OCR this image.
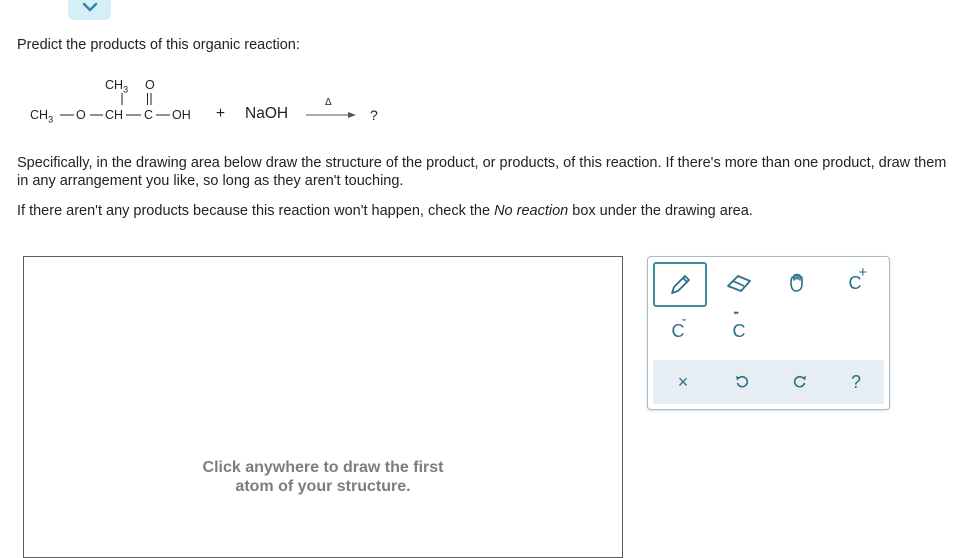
Predict the products of this organic reaction:
$CH_3$ O
$CH_3$ O CH C OH + NaOH
Δ
?
Specifically, in the drawing area below draw the structure of the product, or products, of this reaction. If there's more than one product, draw them in any arrangement you like, so long as they aren't touching.
If there aren't any products because this reaction won't happen, check the No reaction box under the drawing area.
Click anywhere to draw the first atom of your structure.
C
+
C
-
C
••
×	?
